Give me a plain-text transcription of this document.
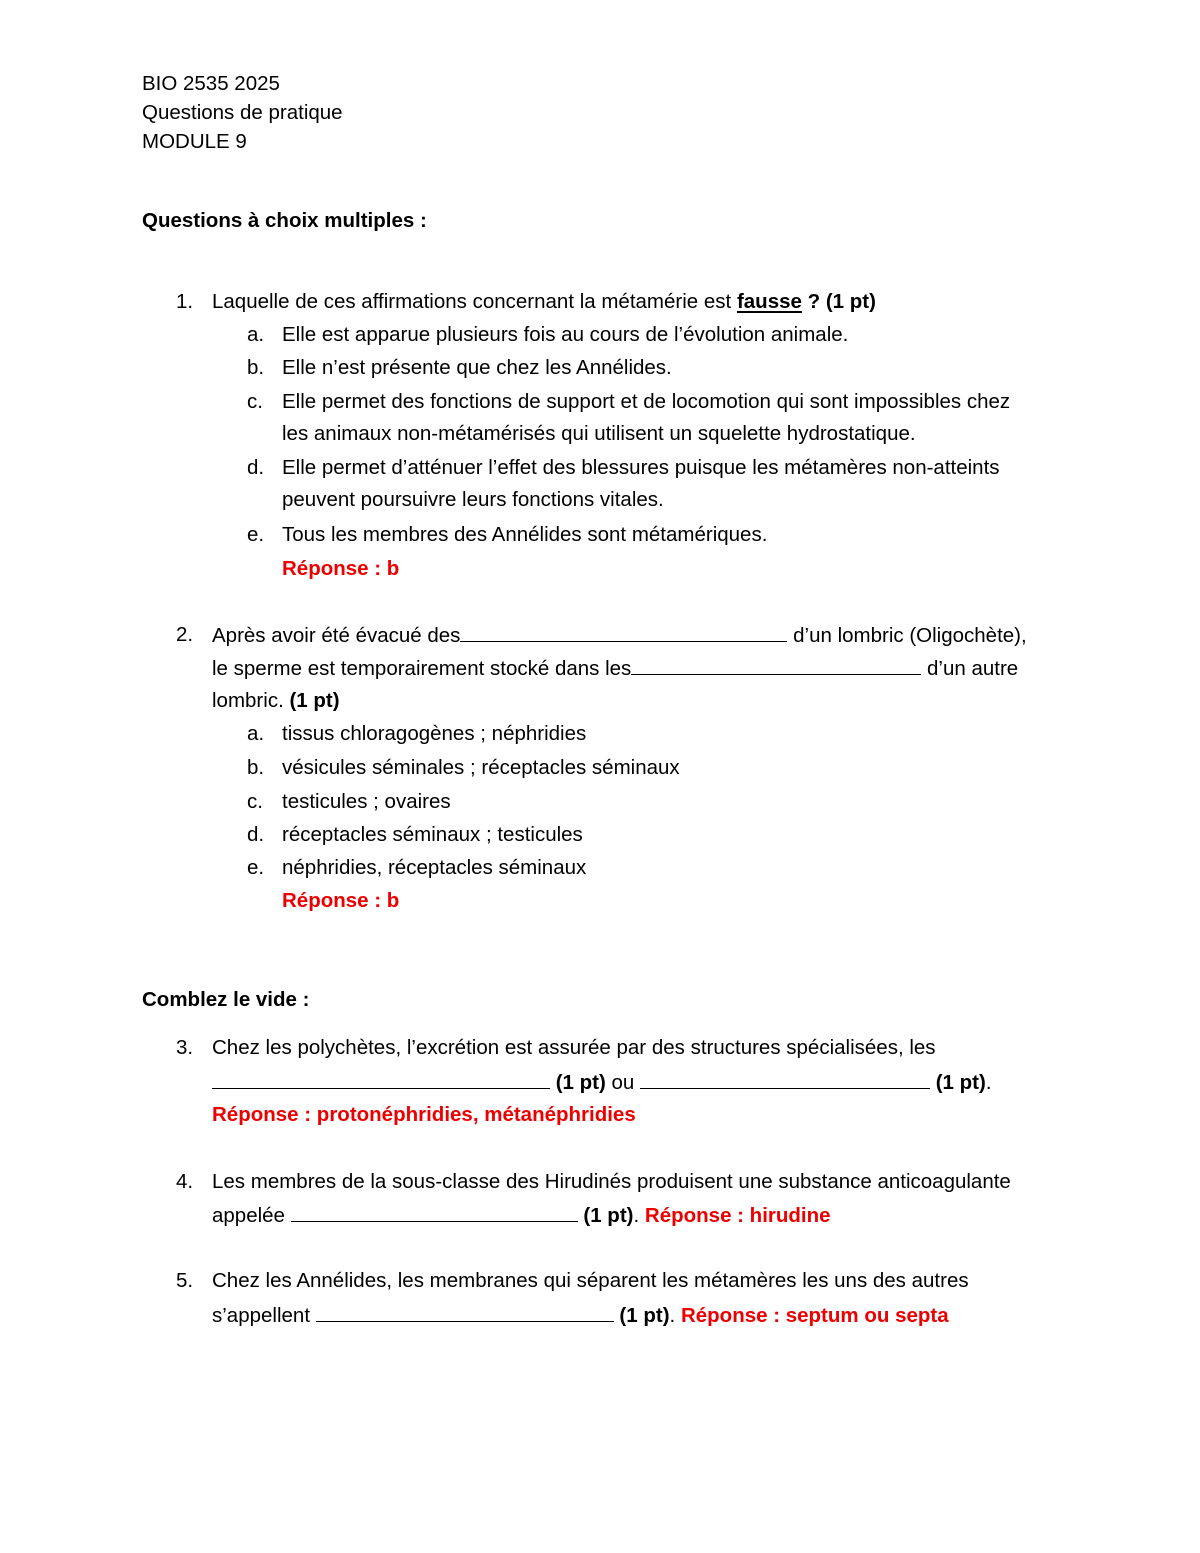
BIO 2535 2025
Questions de pratique
MODULE 9
Questions à choix multiples :
1. Laquelle de ces affirmations concernant la métamérie est fausse ? (1 pt)
a. Elle est apparue plusieurs fois au cours de l’évolution animale.
b. Elle n’est présente que chez les Annélides.
c. Elle permet des fonctions de support et de locomotion qui sont impossibles chez
les animaux non-métamérisés qui utilisent un squelette hydrostatique.
d. Elle permet d’atténuer l’effet des blessures puisque les métamères non-atteints
peuvent poursuivre leurs fonctions vitales.
e. Tous les membres des Annélides sont métamériques.
Réponse : b
2. Après avoir été évacué des	d’un lombric (Oligochète),
le sperme est temporairement stocké dans les	d’un autre
lombric. (1 pt)
a. tissus chloragogènes ; néphridies
b. vésicules séminales ; réceptacles séminaux
c. testicules ; ovaires
d. réceptacles séminaux ; testicules
e. néphridies, réceptacles séminaux
Réponse : b
Comblez le vide :
3. Chez les polychètes, l’excrétion est assurée par des structures spécialisées, les
(1 pt) ou	(1 pt).
Réponse : protonéphridies, métanéphridies
4. Les membres de la sous-classe des Hirudinés produisent une substance anticoagulante
appelée	(1 pt). Réponse : hirudine
5. Chez les Annélides, les membranes qui séparent les métamères les uns des autres
s’appellent	(1 pt). Réponse : septum ou septa
